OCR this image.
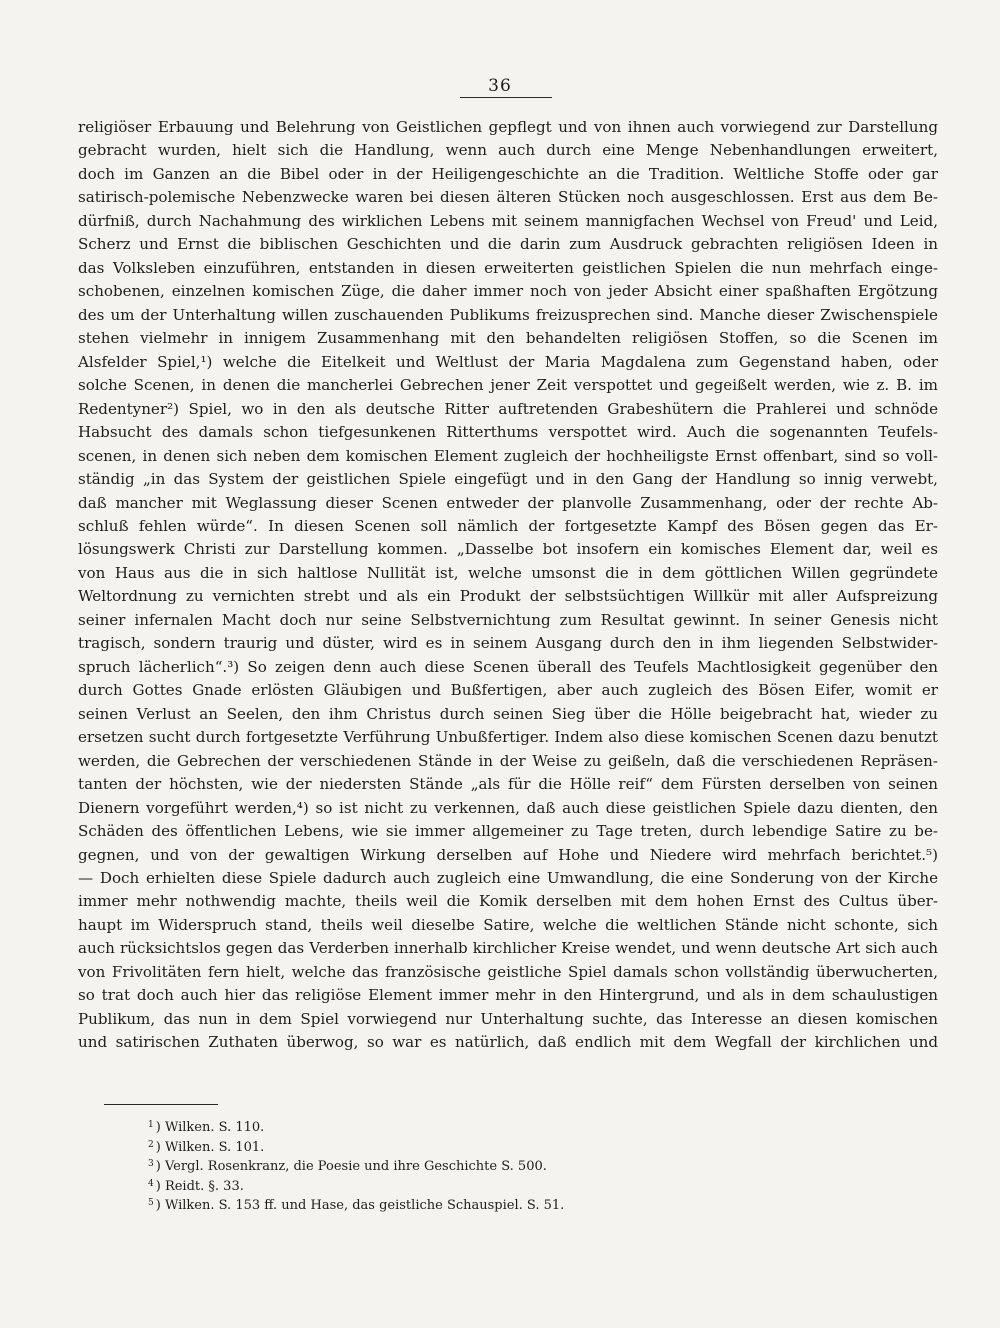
36
religiöser Erbauung und Belehrung von Geistlichen gepflegt und von ihnen auch vorwiegend zur Darstellung
gebracht wurden, hielt sich die Handlung, wenn auch durch eine Menge Nebenhandlungen erweitert,
doch im Ganzen an die Bibel oder in der Heiligengeschichte an die Tradition. Weltliche Stoffe oder gar
satirisch-polemische Nebenzwecke waren bei diesen älteren Stücken noch ausgeschlossen. Erst aus dem Be-
dürfniß, durch Nachahmung des wirklichen Lebens mit seinem mannigfachen Wechsel von Freud' und Leid,
Scherz und Ernst die biblischen Geschichten und die darin zum Ausdruck gebrachten religiösen Ideen in
das Volksleben einzuführen, entstanden in diesen erweiterten geistlichen Spielen die nun mehrfach einge-
schobenen, einzelnen komischen Züge, die daher immer noch von jeder Absicht einer spaßhaften Ergötzung
des um der Unterhaltung willen zuschauenden Publikums freizusprechen sind. Manche dieser Zwischenspiele
stehen vielmehr in innigem Zusammenhang mit den behandelten religiösen Stoffen, so die Scenen im
Alsfelder Spiel,¹) welche die Eitelkeit und Weltlust der Maria Magdalena zum Gegenstand haben, oder
solche Scenen, in denen die mancherlei Gebrechen jener Zeit verspottet und gegeißelt werden, wie z. B. im
Redentyner²) Spiel, wo in den als deutsche Ritter auftretenden Grabeshütern die Prahlerei und schnöde
Habsucht des damals schon tiefgesunkenen Ritterthums verspottet wird. Auch die sogenannten Teufels-
scenen, in denen sich neben dem komischen Element zugleich der hochheiligste Ernst offenbart, sind so voll-
ständig „in das System der geistlichen Spiele eingefügt und in den Gang der Handlung so innig verwebt,
daß mancher mit Weglassung dieser Scenen entweder der planvolle Zusammenhang, oder der rechte Ab-
schluß fehlen würde“. In diesen Scenen soll nämlich der fortgesetzte Kampf des Bösen gegen das Er-
lösungswerk Christi zur Darstellung kommen. „Dasselbe bot insofern ein komisches Element dar, weil es
von Haus aus die in sich haltlose Nullität ist, welche umsonst die in dem göttlichen Willen gegründete
Weltordnung zu vernichten strebt und als ein Produkt der selbstsüchtigen Willkür mit aller Aufspreizung
seiner infernalen Macht doch nur seine Selbstvernichtung zum Resultat gewinnt. In seiner Genesis nicht
tragisch, sondern traurig und düster, wird es in seinem Ausgang durch den in ihm liegenden Selbstwider-
spruch lächerlich“.³) So zeigen denn auch diese Scenen überall des Teufels Machtlosigkeit gegenüber den
durch Gottes Gnade erlösten Gläubigen und Bußfertigen, aber auch zugleich des Bösen Eifer, womit er
seinen Verlust an Seelen, den ihm Christus durch seinen Sieg über die Hölle beigebracht hat, wieder zu
ersetzen sucht durch fortgesetzte Verführung Unbußfertiger. Indem also diese komischen Scenen dazu benutzt
werden, die Gebrechen der verschiedenen Stände in der Weise zu geißeln, daß die verschiedenen Repräsen-
tanten der höchsten, wie der niedersten Stände „als für die Hölle reif“ dem Fürsten derselben von seinen
Dienern vorgeführt werden,⁴) so ist nicht zu verkennen, daß auch diese geistlichen Spiele dazu dienten, den
Schäden des öffentlichen Lebens, wie sie immer allgemeiner zu Tage treten, durch lebendige Satire zu be-
gegnen, und von der gewaltigen Wirkung derselben auf Hohe und Niedere wird mehrfach berichtet.⁵)
— Doch erhielten diese Spiele dadurch auch zugleich eine Umwandlung, die eine Sonderung von der Kirche
immer mehr nothwendig machte, theils weil die Komik derselben mit dem hohen Ernst des Cultus über-
haupt im Widerspruch stand, theils weil dieselbe Satire, welche die weltlichen Stände nicht schonte, sich
auch rücksichtslos gegen das Verderben innerhalb kirchlicher Kreise wendet, und wenn deutsche Art sich auch
von Frivolitäten fern hielt, welche das französische geistliche Spiel damals schon vollständig überwucherten,
so trat doch auch hier das religiöse Element immer mehr in den Hintergrund, und als in dem schaulustigen
Publikum, das nun in dem Spiel vorwiegend nur Unterhaltung suchte, das Interesse an diesen komischen
und satirischen Zuthaten überwog, so war es natürlich, daß endlich mit dem Wegfall der kirchlichen und
$^1$ ) Wilken. S. 110.
$^2$ ) Wilken. S. 101.
$^3$ ) Vergl. Rosenkranz, die Poesie und ihre Geschichte S. 500.
$^4$ ) Reidt. §. 33.
$^5$ ) Wilken. S. 153 ff. und Hase, das geistliche Schauspiel. S. 51.
